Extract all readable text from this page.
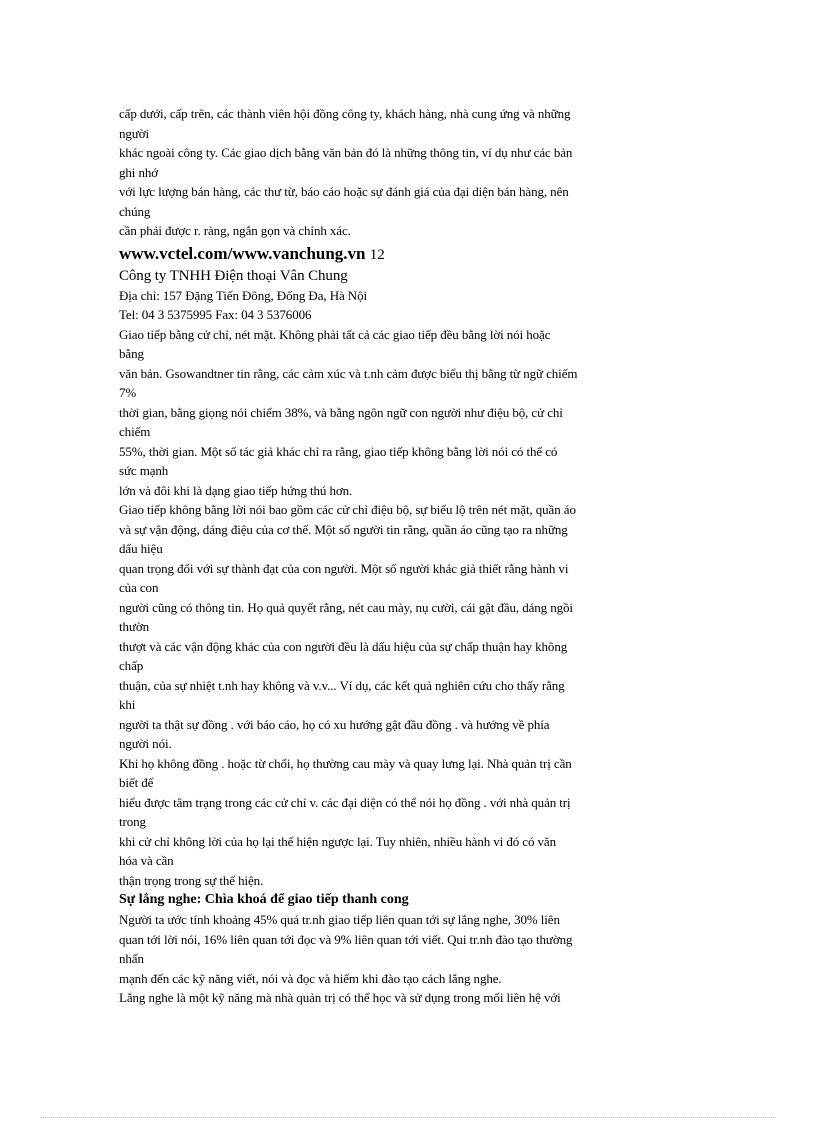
cấp dưới, cấp trên, các thành viên hội đồng công ty, khách hàng, nhà cung ứng và những
người
khác ngoài công ty. Các giao dịch bằng văn bản đó là những thông tin, ví dụ như các bản
ghi nhớ
với lực lượng bán hàng, các thư từ, báo cáo hoặc sự đánh giá của đại diện bán hàng, nên
chúng
cần phải được r. ràng, ngắn gọn và chính xác.
www.vctel.com/www.vanchung.vn 12
Công ty TNHH Điện thoại Vân Chung
Địa chỉ: 157 Đặng Tiến Đông, Đống Đa, Hà Nội
Tel: 04 3 5375995 Fax: 04 3 5376006
Giao tiếp bằng cử chỉ, nét mặt. Không phải tất cả các giao tiếp đều bằng lời nói hoặc
bằng
văn bản. Gsowandtner tin rằng, các cảm xúc và t.nh cảm được biểu thị bằng từ ngữ chiếm
7%
thời gian, bằng giọng nói chiếm 38%, và bằng ngôn ngữ con người như điệu bộ, cử chỉ
chiếm
55%, thời gian. Một số tác giả khác chỉ ra rằng, giao tiếp không bằng lời nói có thể có
sức mạnh
lớn và đôi khi là dạng giao tiếp hứng thú hơn.
Giao tiếp không bằng lời nói bao gồm các cử chỉ điệu bộ, sự biểu lộ trên nét mặt, quần áo
và sự vận động, dáng điệu của cơ thể. Một số người tin rằng, quần áo cũng tạo ra những
dấu hiệu
quan trọng đối với sự thành đạt của con người. Một số người khác giả thiết rằng hành vi
của con
người cũng có thông tin. Họ quả quyết rằng, nét cau mày, nụ cười, cái gật đầu, dáng ngồi
thườn
thượt và các vận động khác của con người đều là dấu hiệu của sự chấp thuận hay không
chấp
thuận, của sự nhiệt t.nh hay không và v.v... Ví dụ, các kết quả nghiên cứu cho thấy rằng
khi
người ta thật sự đồng . với báo cáo, họ có xu hướng gật đầu đồng . và hướng về phía
người nói.
Khi họ không đồng . hoặc từ chối, họ thường cau mày và quay lưng lại. Nhà quản trị cần
biết để
hiểu được tâm trạng trong các cử chỉ v. các đại diện có thể nói họ đồng . với nhà quản trị
trong
khi cử chỉ không lời của họ lại thể hiện ngược lại. Tuy nhiên, nhiều hành vi đó có văn
hóa và cần
thận trọng trong sự thể hiện.
Sự lắng nghe: Chìa khoá để giao tiếp thanh cong
Người ta ước tính khoảng 45% quá tr.nh giao tiếp liên quan tới sự lắng nghe, 30% liên
quan tới lời nói, 16% liên quan tới đọc và 9% liên quan tới viết. Qui tr.nh đào tạo thường
nhấn
mạnh đến các kỹ năng viết, nói và đọc và hiếm khi đào tạo cách lắng nghe.
Lắng nghe là một kỹ năng mà nhà quản trị có thể học và sử dụng trong mối liên hệ với
